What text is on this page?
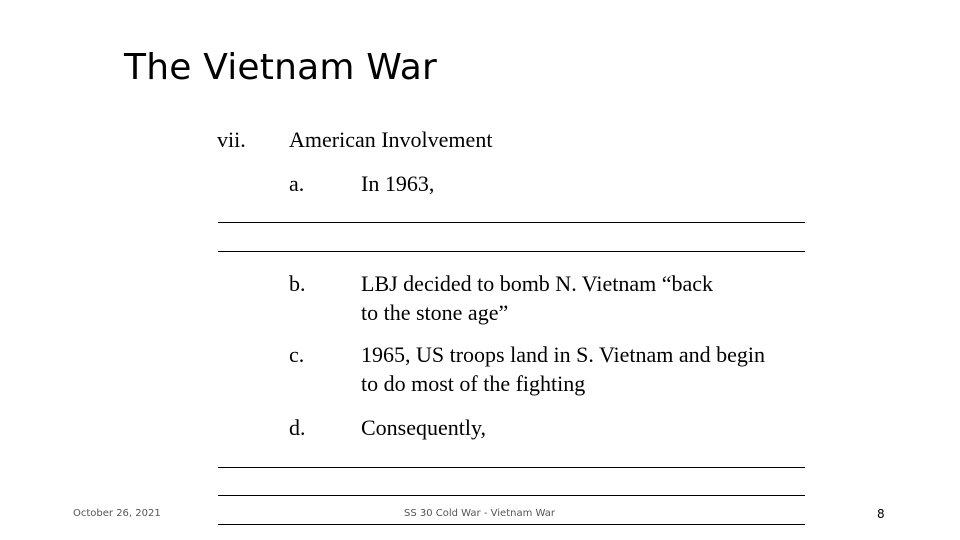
The Vietnam War
vii. American Involvement
a.	In 1963,
b.	LBJ decided to bomb N. Vietnam “back
to the stone age”
c.	1965, US troops land in S. Vietnam and begin
to do most of the fighting
d.	Consequently,
October 26, 2021	SS 30 Cold War - Vietnam War	8
